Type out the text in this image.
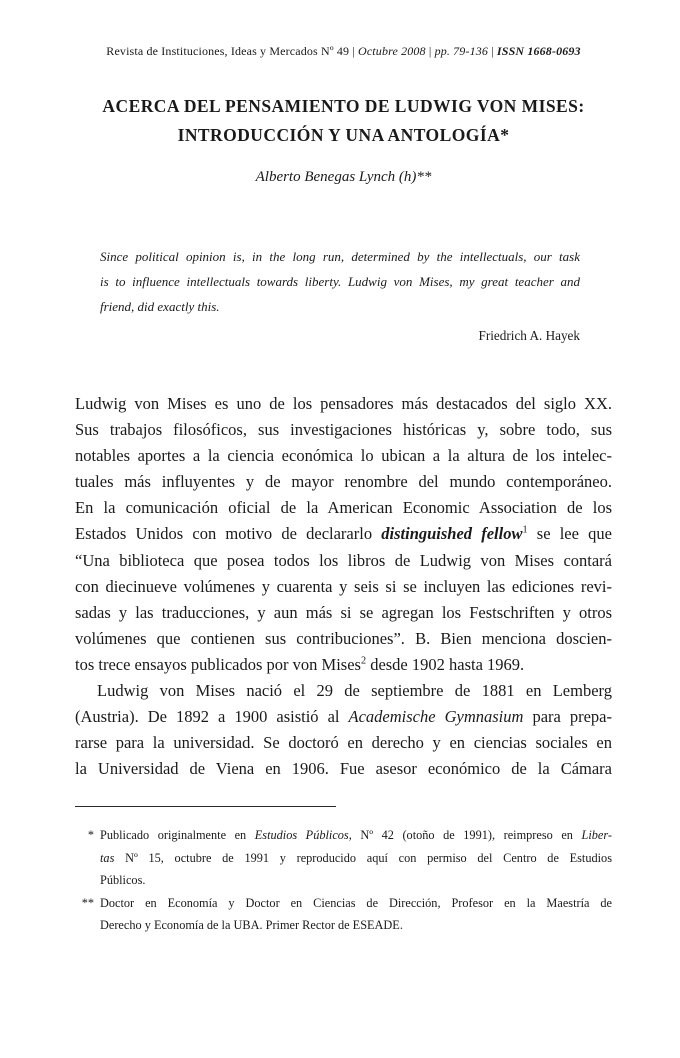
Revista de Instituciones, Ideas y Mercados Nº 49 | Octubre 2008 | pp. 79-136 | ISSN 1668-0693
ACERCA DEL PENSAMIENTO DE LUDWIG VON MISES:
INTRODUCCIÓN Y UNA ANTOLOGÍA*
Alberto Benegas Lynch (h)**
Since political opinion is, in the long run, determined by the intellectuals, our task
is to influence intellectuals towards liberty. Ludwig von Mises, my great teacher and
friend, did exactly this.
Friedrich A. Hayek
Ludwig von Mises es uno de los pensadores más destacados del siglo XX.
Sus trabajos filosóficos, sus investigaciones históricas y, sobre todo, sus
notables aportes a la ciencia económica lo ubican a la altura de los intelec-
tuales más influyentes y de mayor renombre del mundo contemporáneo.
En la comunicación oficial de la American Economic Association de los
Estados Unidos con motivo de declararlo distinguished fellow$^1$ se lee que
“Una biblioteca que posea todos los libros de Ludwig von Mises contará
con diecinueve volúmenes y cuarenta y seis si se incluyen las ediciones revi-
sadas y las traducciones, y aun más si se agregan los Festschriften y otros
volúmenes que contienen sus contribuciones”. B. Bien menciona doscien-
tos trece ensayos publicados por von Mises$^2$ desde 1902 hasta 1969.
Ludwig von Mises nació el 29 de septiembre de 1881 en Lemberg
(Austria). De 1892 a 1900 asistió al Academische Gymnasium para prepa-
rarse para la universidad. Se doctoró en derecho y en ciencias sociales en
la Universidad de Viena en 1906. Fue asesor económico de la Cámara
* Publicado originalmente en Estudios Públicos, Nº 42 (otoño de 1991), reimpreso en Liber-
tas Nº 15, octubre de 1991 y reproducido aquí con permiso del Centro de Estudios
Públicos.
** Doctor en Economía y Doctor en Ciencias de Dirección, Profesor en la Maestría de
Derecho y Economía de la UBA. Primer Rector de ESEADE.
